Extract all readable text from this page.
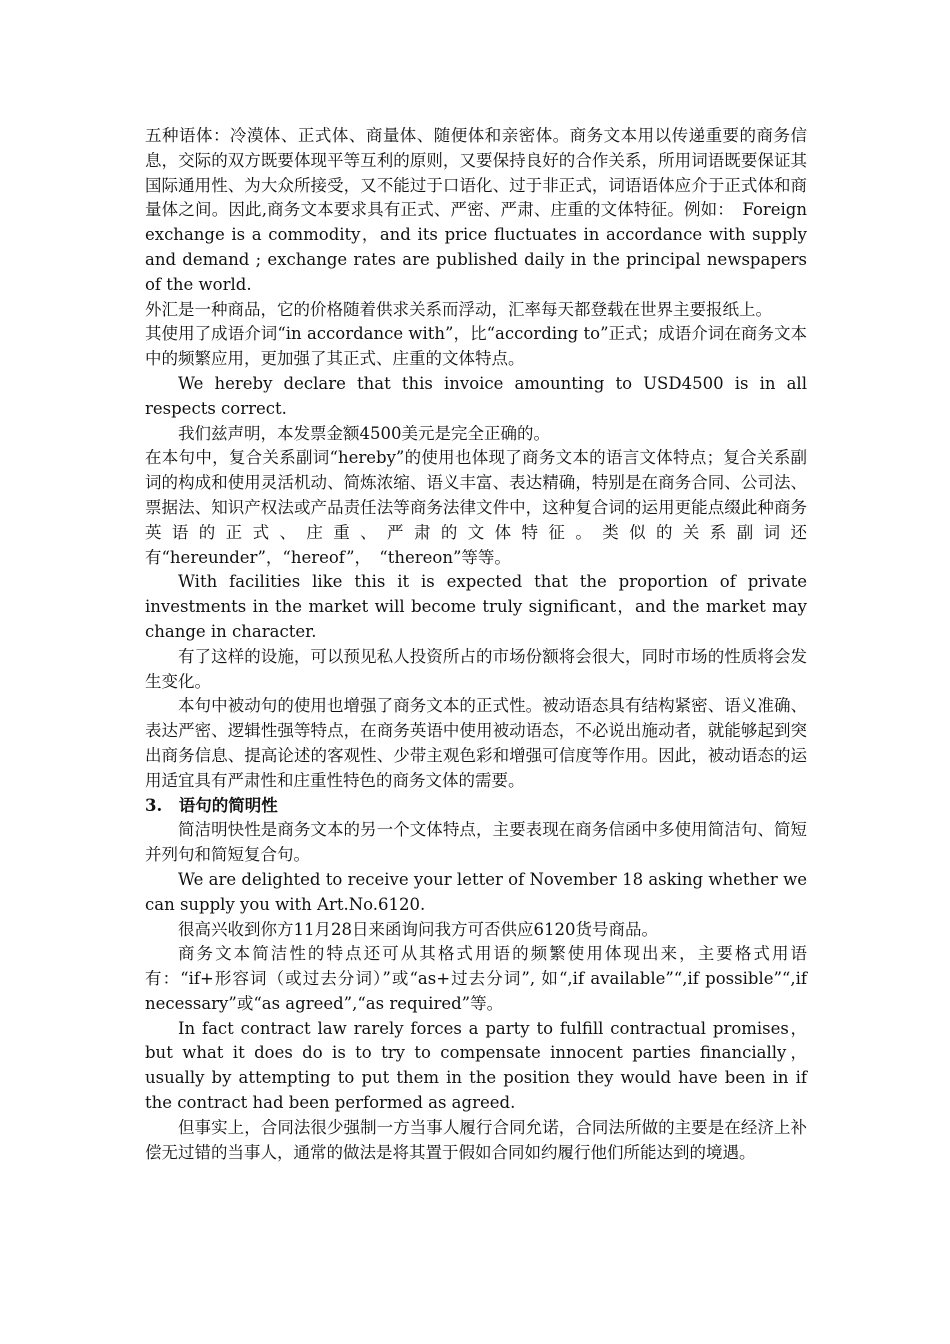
五种语体：冷漠体、正式体、商量体、随便体和亲密体。商务文本用以传递重要的商务信息，交际的双方既要体现平等互利的原则，又要保持良好的合作关系，所用词语既要保证其国际通用性、为大众所接受，又不能过于口语化、过于非正式，词语语体应介于正式体和商量体之间。因此,商务文本要求具有正式、严密、严肃、庄重的文体特征。例如：　Foreign exchange is a commodity，and its price fluctuates in accordance with supply and demand ; exchange rates are published daily in the principal newspapers of the world.

外汇是一种商品，它的价格随着供求关系而浮动，汇率每天都登载在世界主要报纸上。

其使用了成语介词“in accordance with”，比“according to”正式；成语介词在商务文本中的频繁应用，更加强了其正式、庄重的文体特点。

We hereby declare that this invoice amounting to USD4500 is in all respects correct.

我们兹声明，本发票金额4500美元是完全正确的。

在本句中，复合关系副词“hereby”的使用也体现了商务文本的语言文体特点；复合关系副词的构成和使用灵活机动、简炼浓缩、语义丰富、表达精确，特别是在商务合同、公司法、票据法、知识产权法或产品责任法等商务法律文件中，这种复合词的运用更能点缀此种商务英语的正式、庄重、严肃的文体特征。类似的关系副词还有“hereunder”，“hereof”，　“thereon”等等。

With facilities like this it is expected that the proportion of private investments in the market will become truly significant，and the market may change in character.

有了这样的设施，可以预见私人投资所占的市场份额将会很大，同时市场的性质将会发生变化。

本句中被动句的使用也增强了商务文本的正式性。被动语态具有结构紧密、语义准确、表达严密、逻辑性强等特点，在商务英语中使用被动语态，不必说出施动者，就能够起到突出商务信息、提高论述的客观性、少带主观色彩和增强可信度等作用。因此，被动语态的运用适宜具有严肃性和庄重性特色的商务文体的需要。

3.　语句的简明性

简洁明快性是商务文本的另一个文体特点，主要表现在商务信函中多使用简洁句、简短并列句和简短复合句。

We are delighted to receive your letter of November 18 asking whether we can supply you with Art.No.6120.

很高兴收到你方11月28日来函询问我方可否供应6120货号商品。

商务文本简洁性的特点还可从其格式用语的频繁使用体现出来，主要格式用语有：“if+形容词（或过去分词）”或“as+过去分词”, 如“,if available”“,if possible”“,if necessary”或“as agreed”,“as required”等。

In fact contract law rarely forces a party to fulfill contractual promises，but what it does do is to try to compensate innocent parties financially，usually by attempting to put them in the position they would have been in if the contract had been performed as agreed.

但事实上，合同法很少强制一方当事人履行合同允诺，合同法所做的主要是在经济上补偿无过错的当事人，通常的做法是将其置于假如合同如约履行他们所能达到的境遇。
